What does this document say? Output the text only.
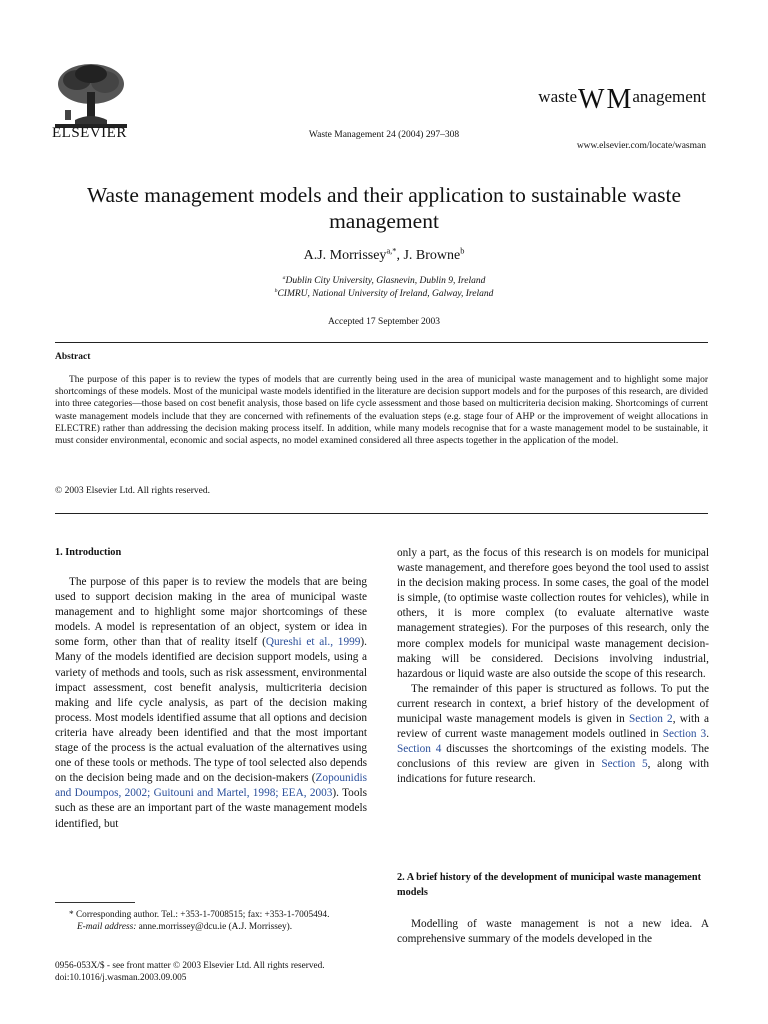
ELSEVIER	Waste Management 24 (2004) 297–308
wasteWManagement
www.elsevier.com/locate/wasman
Waste management models and their application to sustainable waste management
A.J. Morrissey$^{a,*}$, J. Browne$^b$
$^a$Dublin City University, Glasnevin, Dublin 9, Ireland
$^b$CIMRU, National University of Ireland, Galway, Ireland
Accepted 17 September 2003
Abstract
The purpose of this paper is to review the types of models that are currently being used in the area of municipal waste management and to highlight some major shortcomings of these models. Most of the municipal waste models identified in the literature are decision support models and for the purposes of this research, are divided into three categories—those based on cost benefit analysis, those based on life cycle assessment and those based on multicriteria decision making. Shortcomings of current waste management models include that they are concerned with refinements of the evaluation steps (e.g. stage four of AHP or the improvement of weight allocations in ELECTRE) rather than addressing the decision making process itself. In addition, while many models recognise that for a waste management model to be sustainable, it must consider environmental, economic and social aspects, no model examined considered all three aspects together in the application of the model.
© 2003 Elsevier Ltd. All rights reserved.
1. Introduction

The purpose of this paper is to review the models that are being used to support decision making in the area of municipal waste management and to highlight some major shortcomings of these models. A model is representation of an object, system or idea in some form, other than that of reality itself (Qureshi et al., 1999). Many of the models identified are decision support models, using a variety of methods and tools, such as risk assessment, environmental impact assessment, cost benefit analysis, multicriteria decision making and life cycle analysis, as part of the decision making process. Most models identified assume that all options and decision criteria have already been identified and that the most important stage of the process is the actual evaluation of the alternatives using one of these tools or methods. The type of tool selected also depends on the decision being made and on the decision-makers (Zopounidis and Doumpos, 2002; Guitouni and Martel, 1998; EEA, 2003). Tools such as these are an important part of the waste management models identified, but

* Corresponding author. Tel.: +353-1-7008515; fax: +353-1-7005494.
E-mail address: anne.morrissey@dcu.ie (A.J. Morrissey).
0956-053X/$ - see front matter © 2003 Elsevier Ltd. All rights reserved.
doi:10.1016/j.wasman.2003.09.005

only a part, as the focus of this research is on models for municipal waste management, and therefore goes beyond the tool used to assist in the decision making process. In some cases, the goal of the model is simple, (to optimise waste collection routes for vehicles), while in others, it is more complex (to evaluate alternative waste management strategies). For the purposes of this research, only the more complex models for municipal waste management decision-making will be considered. Decisions involving industrial, hazardous or liquid waste are also outside the scope of this research.

The remainder of this paper is structured as follows. To put the current research in context, a brief history of the development of municipal waste management models is given in Section 2, with a review of current waste management models outlined in Section 3. Section 4 discusses the shortcomings of the existing models. The conclusions of this review are given in Section 5, along with indications for future research.

2. A brief history of the development of municipal waste management models

Modelling of waste management is not a new idea. A comprehensive summary of the models developed in the
